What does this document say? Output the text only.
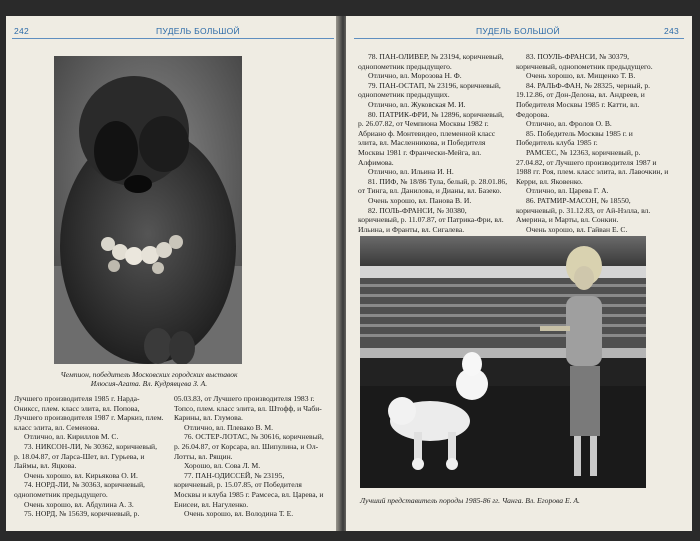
242	ПУДЕЛЬ БОЛЬШОЙ
Чемпион, победитель Московских городских выставок Илюсия-Агата. Вл. Кудрявцева З. А.

Лучшего производителя 1985 г. Нарда-Ониксс, плем. класс элита, вл. Попова, Лучшего производителя 1987 г. Маркиз, плем. класс элита, вл. Семенова.

Отлично, вл. Кириллов М. С.

73. НИКСОН-ЛИ, № 30362, коричневый, р. 18.04.87, от Ларса-Шет, вл. Гурьева, и Лаймы, вл. Яцкова.

Очень хорошо, вл. Кирьякова О. И.

74. НОРД-ЛИ, № 30363, коричневый, однопометник предыдущего.

Очень хорошо, вл. Абдулина А. З.

75. НОРД, № 15639, коричневый, р.

05.03.83, от Лучшего производителя 1983 г. Топсо, плем. класс элита, вл. Штофф, и Чаби-Карины, вл. Глумова.

Отлично, вл. Плевако В. М.

76. ОСТЕР-ЛОТАС, № 30616, коричневый, р. 26.04.87, от Корсара, вл. Шипулина, и Ол-Лотты, вл. Рящин.

Хорошо, вл. Сова Л. М.

77. ПАН-ОДИССЕЙ, № 23195, коричневый, р. 15.07.85, от Победителя Москвы и клуба 1985 г. Рамсеса, вл. Царева, и Енисеи, вл. Нагуленко.

Очень хорошо, вл. Володина Т. Е.

ПУДЕЛЬ БОЛЬШОЙ	243

78. ПАН-ОЛИВЕР, № 23194, коричневый, однопометник предыдущего.

Отлично, вл. Морозова Н. Ф.

79. ПАН-ОСТАП, № 23196, коричневый, однопометник предыдущих.

Отлично, вл. Жуковская М. И.

80. ПАТРИК-ФРИ, № 12896, коричневый, р. 26.07.82, от Чемпиона Москвы 1982 г. Абриано ф. Монтевидео, племенной класс элита, вл. Масленникова, и Победителя Москвы 1981 г. Франчески-Мейга, вл. Алфимова.

Отлично, вл. Ильина И. Н.

81. ПИФ, № 18/86 Тула, белый, р. 28.01.86, от Тинга, вл. Данилова, и Дианы, вл. Базеко.

Очень хорошо, вл. Панова В. И.

82. ПОЛЬ-ФРАНСИ, № 30380, коричневый, р. 11.07.87, от Патрика-Фри, вл. Ильина, и Франты, вл. Сигалева.

83. ПОУЛЬ-ФРАНСИ, № 30379, коричневый, однопометник предыдущего.

Очень хорошо, вл. Мищенко Т. В.

84. РАЛЬФ-ФАН, № 28325, черный, р. 19.12.86, от Дон-Делона, вл. Андреев, и Победителя Москвы 1985 г. Катти, вл. Федорова.

Отлично, вл. Фролов О. В.

85. Победитель Москвы 1985 г. и Победитель клуба 1985 г.

РАМСЕС, № 12363, коричневый, р. 27.04.82, от Лучшего производителя 1987 и 1988 гг. Роя, плем. класс элита, вл. Лавочкин, и Керри, вл. Яковенко.

Отлично, вл. Царева Г. А.

86. РАТМИР-МАСОН, № 18550, коричневый, р. 31.12.83, от Ай-Нэлла, вл. Америна, и Марты, вл. Сонкин.

Очень хорошо, вл. Гайван Е. С.

Лучший представитель породы 1985-86 гг. Чанга. Вл. Егорова Е. А.
